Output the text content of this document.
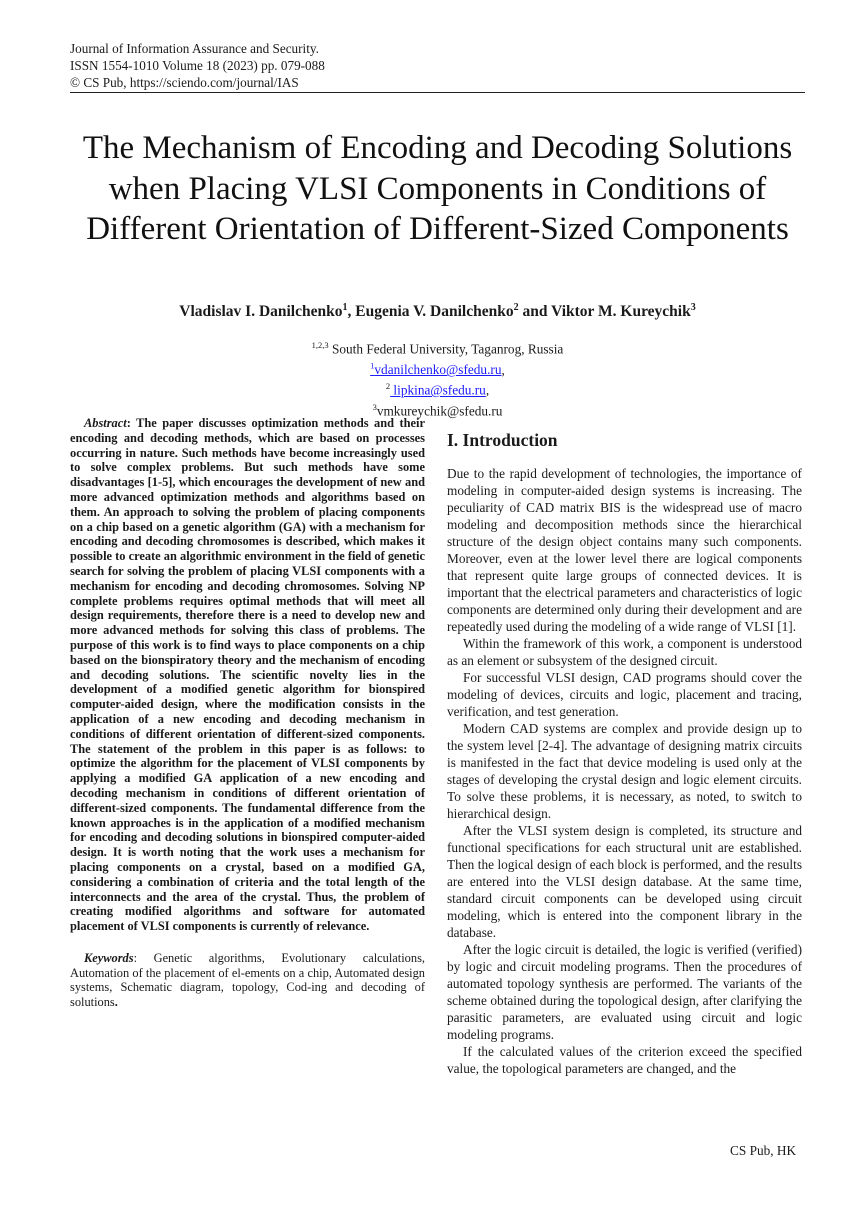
Journal of Information Assurance and Security.
ISSN 1554-1010 Volume 18 (2023) pp. 079-088
© CS Pub, https://sciendo.com/journal/IAS
The Mechanism of Encoding and Decoding Solutions when Placing VLSI Components in Conditions of Different Orientation of Different-Sized Components
Vladislav I. Danilchenko$^1$, Eugenia V. Danilchenko$^2$ and Viktor M. Kureychik$^3$
$^{1,2,3}$ South Federal University, Taganrog, Russia
$^1$vdanilchenko@sfedu.ru,
$^2$ lipkina@sfedu.ru,
$^3$vmkureychik@sfedu.ru

Abstract: The paper discusses optimization methods and their encoding and decoding methods, which are based on processes occurring in nature. Such methods have become increasingly used to solve complex problems. But such methods have some disadvantages [1-5], which encourages the development of new and more advanced optimization methods and algorithms based on them. An approach to solving the problem of placing components on a chip based on a genetic algorithm (GA) with a mechanism for encoding and decoding chromosomes is described, which makes it possible to create an algorithmic environment in the field of genetic search for solving the problem of placing VLSI components with a mechanism for encoding and decoding chromosomes. Solving NP complete problems requires optimal methods that will meet all design requirements, therefore there is a need to develop new and more advanced methods for solving this class of problems. The purpose of this work is to find ways to place components on a chip based on the bionspiratory theory and the mechanism of encoding and decoding solutions. The scientific novelty lies in the development of a modified genetic algorithm for bionspired computer-aided design, where the modification consists in the application of a new encoding and decoding mechanism in conditions of different orientation of different-sized components. The statement of the problem in this paper is as follows: to optimize the algorithm for the placement of VLSI components by applying a modified GA application of a new encoding and decoding mechanism in conditions of different orientation of different-sized components. The fundamental difference from the known approaches is in the application of a modified mechanism for encoding and decoding solutions in bionspired computer-aided design. It is worth noting that the work uses a mechanism for placing components on a crystal, based on a modified GA, considering a combination of criteria and the total length of the interconnects and the area of the crystal. Thus, the problem of creating modified algorithms and software for automated placement of VLSI components is currently of relevance.

Keywords: Genetic algorithms, Evolutionary calculations, Automation of the placement of el-ements on a chip, Automated design systems, Schematic diagram, topology, Cod-ing and decoding of solutions.

I. Introduction

Due to the rapid development of technologies, the importance of modeling in computer-aided design systems is increasing. The peculiarity of CAD matrix BIS is the widespread use of macro modeling and decomposition methods since the hierarchical structure of the design object contains many such components. Moreover, even at the lower level there are logical components that represent quite large groups of connected devices. It is important that the electrical parameters and characteristics of logic components are determined only during their development and are repeatedly used during the modeling of a wide range of VLSI [1].

Within the framework of this work, a component is understood as an element or subsystem of the designed circuit.

For successful VLSI design, CAD programs should cover the modeling of devices, circuits and logic, placement and tracing, verification, and test generation.

Modern CAD systems are complex and provide design up to the system level [2-4]. The advantage of designing matrix circuits is manifested in the fact that device modeling is used only at the stages of developing the crystal design and logic element circuits. To solve these problems, it is necessary, as noted, to switch to hierarchical design.

After the VLSI system design is completed, its structure and functional specifications for each structural unit are established. Then the logical design of each block is performed, and the results are entered into the VLSI design database. At the same time, standard circuit components can be developed using circuit modeling, which is entered into the component library in the database.

After the logic circuit is detailed, the logic is verified (verified) by logic and circuit modeling programs. Then the procedures of automated topology synthesis are performed. The variants of the scheme obtained during the topological design, after clarifying the parasitic parameters, are evaluated using circuit and logic modeling programs.

If the calculated values of the criterion exceed the specified value, the topological parameters are changed, and the

CS Pub, HK
